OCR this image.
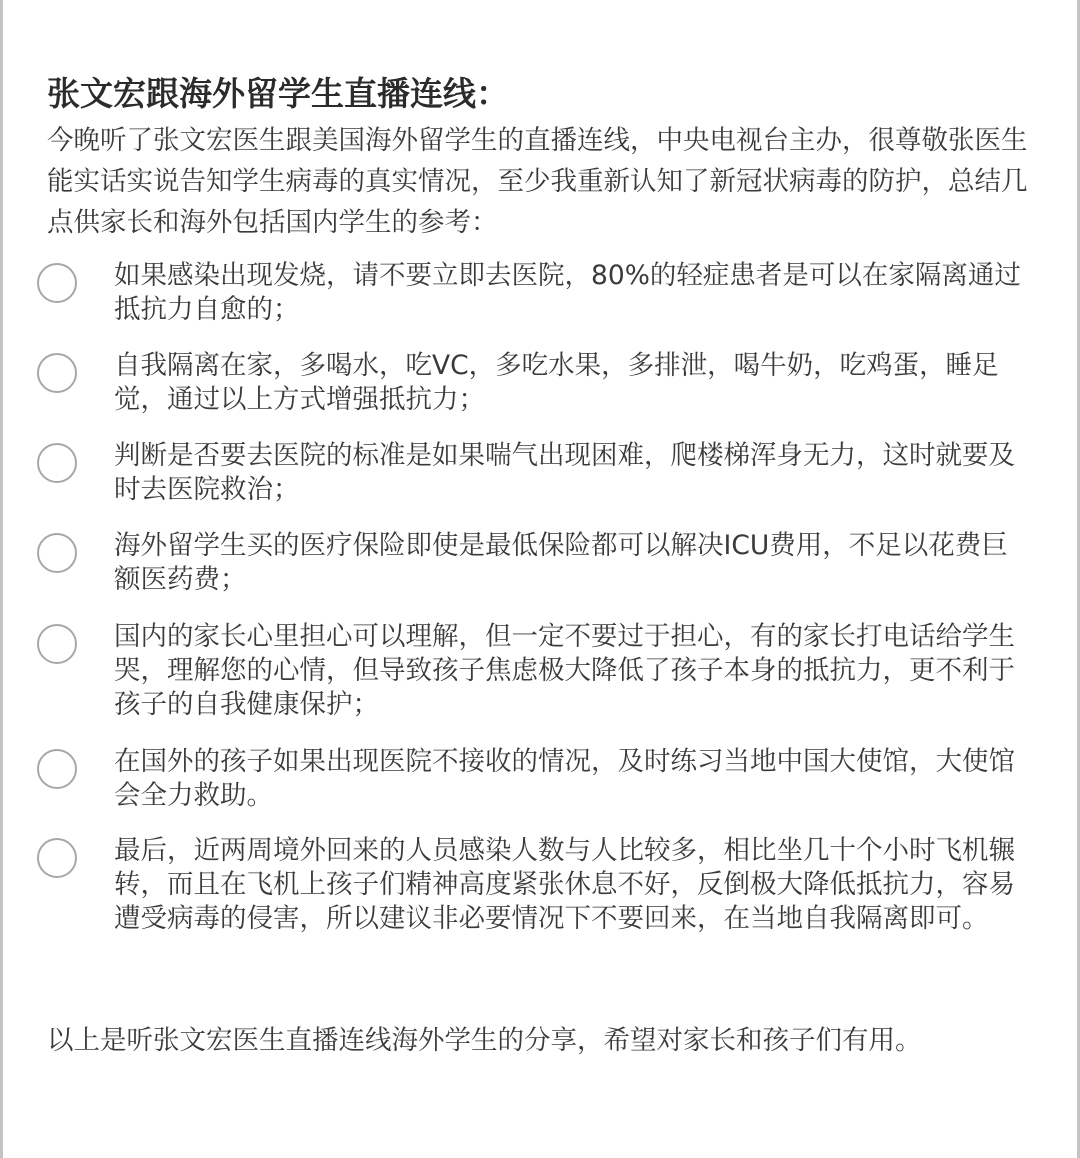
张文宏跟海外留学生直播连线：

今晚听了张文宏医生跟美国海外留学生的直播连线，中央电视台主办，很尊敬张医生能实话实说告知学生病毒的真实情况，至少我重新认知了新冠状病毒的防护，总结几点供家长和海外包括国内学生的参考：

如果感染出现发烧，请不要立即去医院，80%的轻症患者是可以在家隔离通过抵抗力自愈的；

自我隔离在家，多喝水，吃VC，多吃水果，多排泄，喝牛奶，吃鸡蛋，睡足觉，通过以上方式增强抵抗力；

判断是否要去医院的标准是如果喘气出现困难，爬楼梯浑身无力，这时就要及时去医院救治；

海外留学生买的医疗保险即使是最低保险都可以解决ICU费用，不足以花费巨额医药费；

国内的家长心里担心可以理解，但一定不要过于担心，有的家长打电话给学生哭，理解您的心情，但导致孩子焦虑极大降低了孩子本身的抵抗力，更不利于孩子的自我健康保护；

在国外的孩子如果出现医院不接收的情况，及时练习当地中国大使馆，大使馆会全力救助。

最后，近两周境外回来的人员感染人数与人比较多，相比坐几十个小时飞机辗转，而且在飞机上孩子们精神高度紧张休息不好，反倒极大降低抵抗力，容易遭受病毒的侵害，所以建议非必要情况下不要回来，在当地自我隔离即可。

以上是听张文宏医生直播连线海外学生的分享，希望对家长和孩子们有用。
